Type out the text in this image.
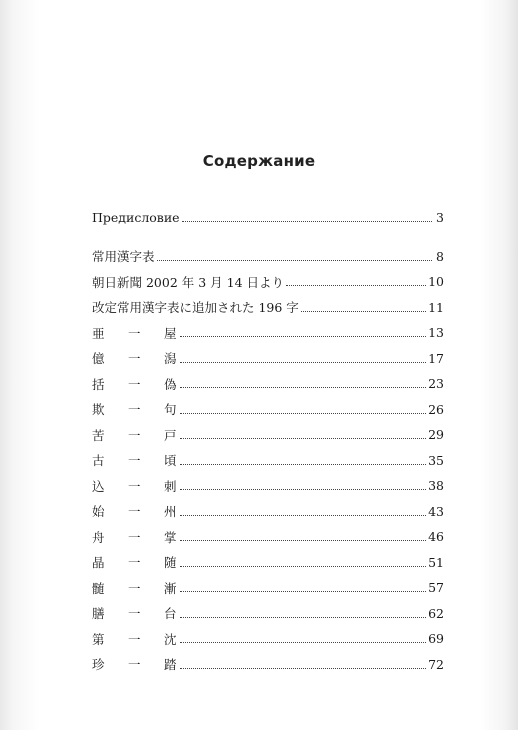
Содержание
Предисловие	3
常用漢字表	8
朝日新聞 2002 年 3 月 14 日より	10
改定常用漢字表に追加された 196 字	11
亜	一	屋	13
億	一	潟	17
括	一	偽	23
欺	一	句	26
苦	一	戸	29
古	一	頃	35
込	一	刺	38
始	一	州	43
舟	一	掌	46
晶	一	随	51
髄	一	漸	57
膳	一	台	62
第	一	沈	69
珍	一	踏	72
